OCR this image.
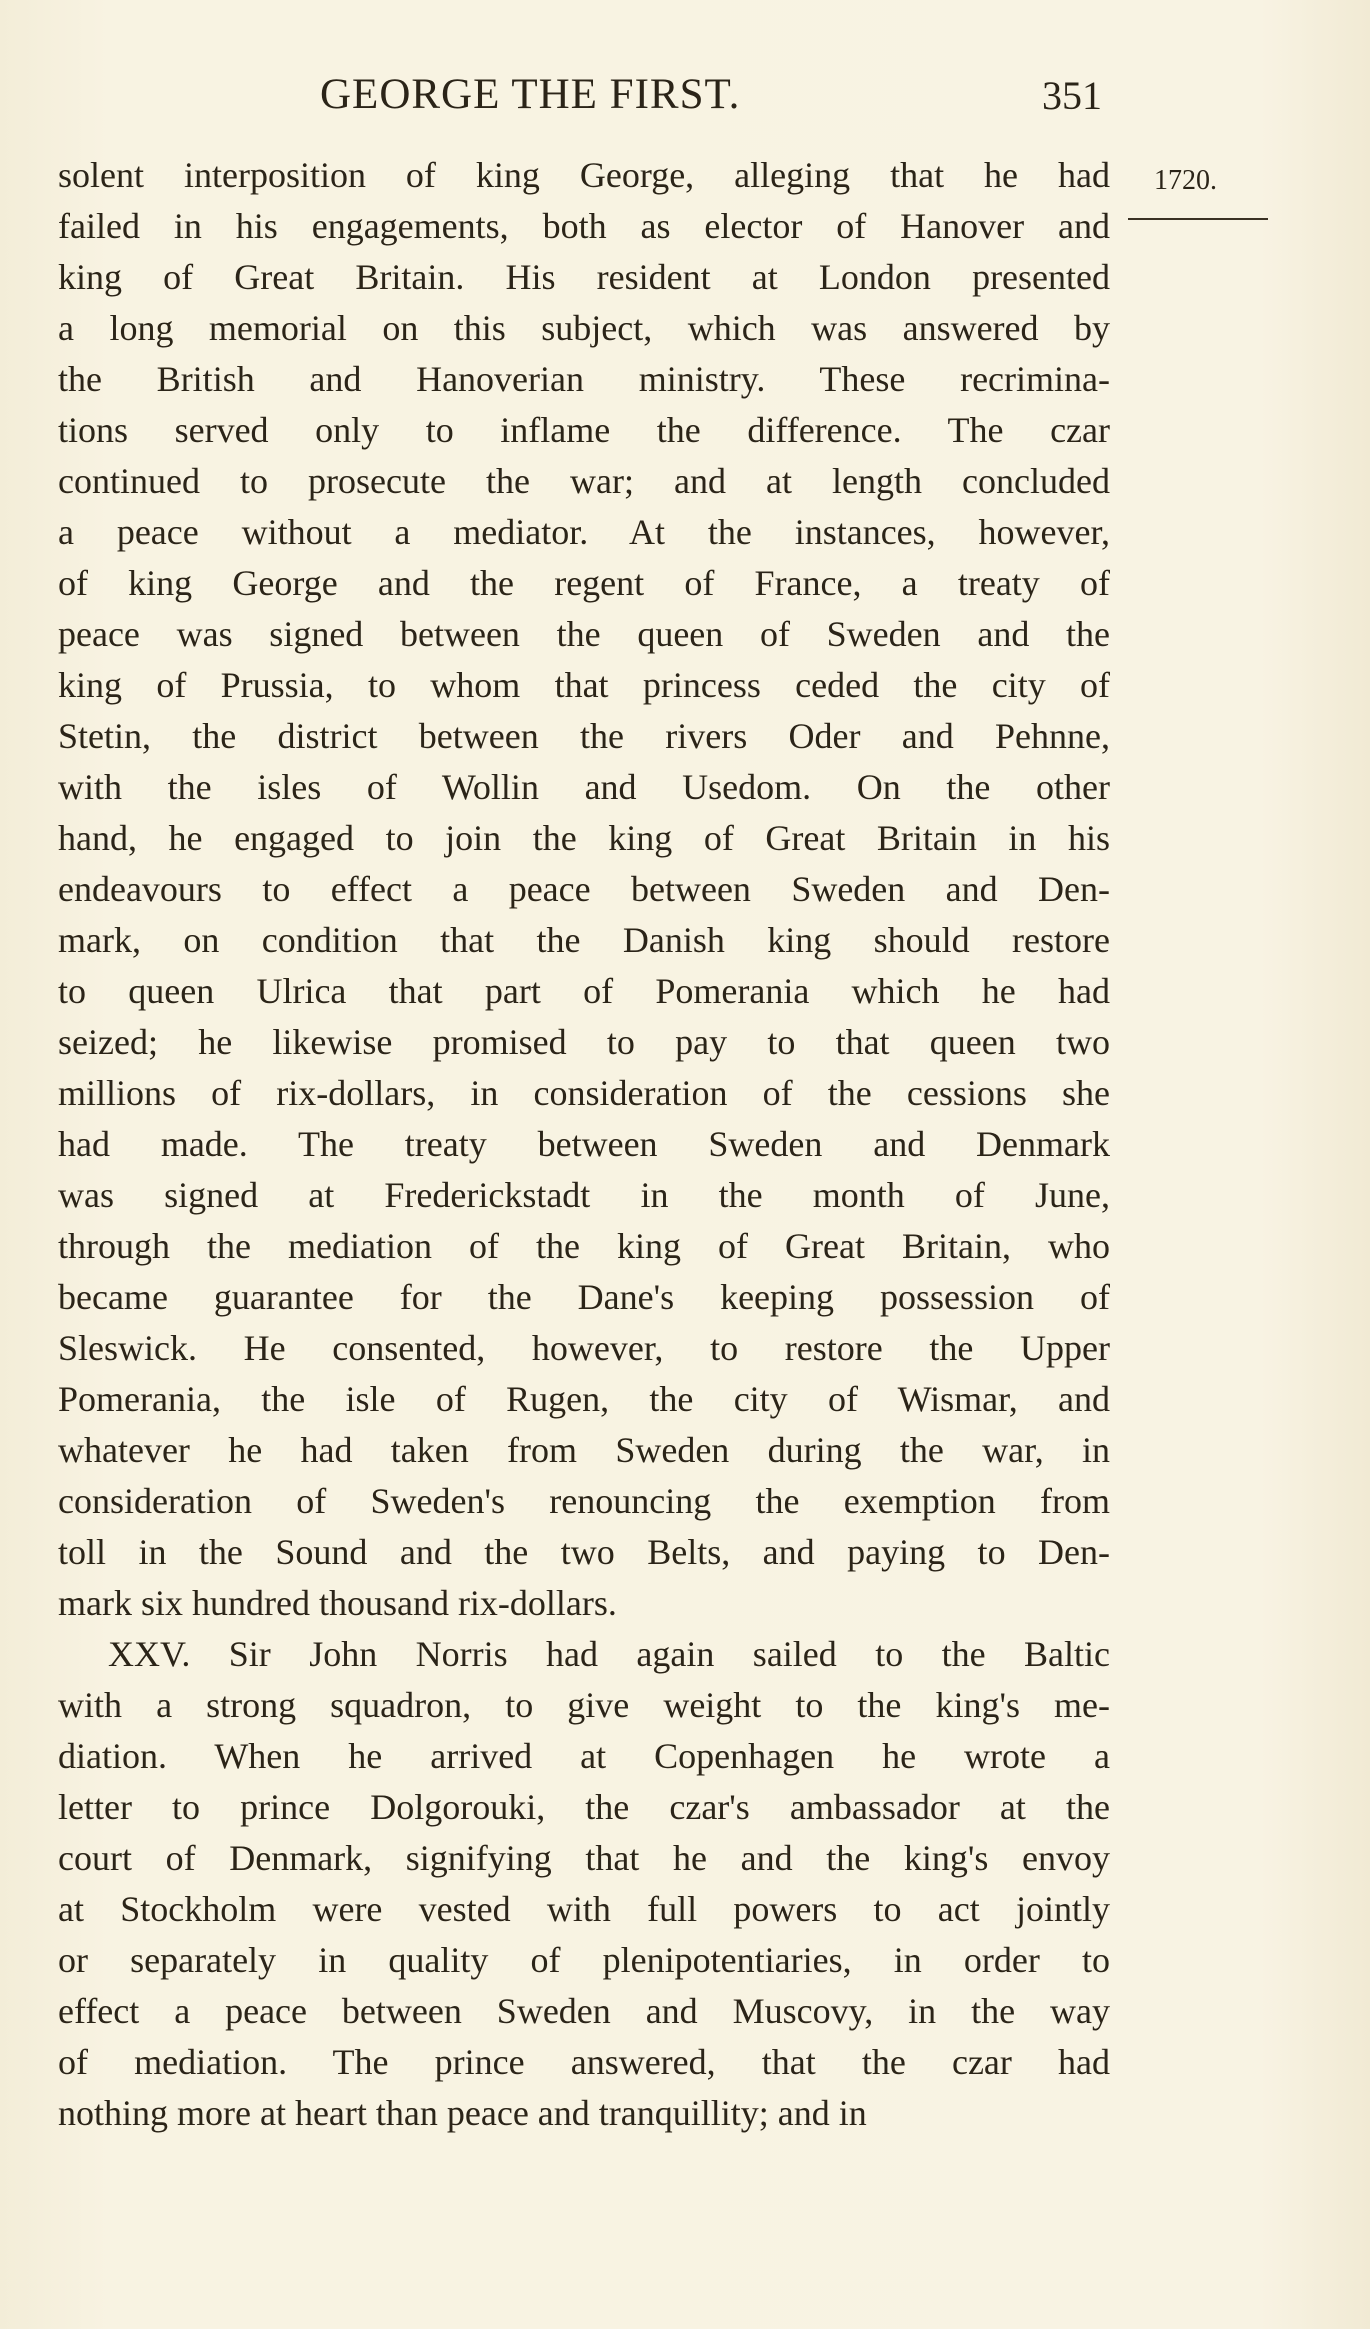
GEORGE THE FIRST.	351
1720.
solent interposition of king George, alleging that he had
failed in his engagements, both as elector of Hanover and
king of Great Britain. His resident at London presented
a long memorial on this subject, which was answered by
the British and Hanoverian ministry. These recrimina-
tions served only to inflame the difference. The czar
continued to prosecute the war; and at length concluded
a peace without a mediator. At the instances, however,
of king George and the regent of France, a treaty of
peace was signed between the queen of Sweden and the
king of Prussia, to whom that princess ceded the city of
Stetin, the district between the rivers Oder and Pehnne,
with the isles of Wollin and Usedom. On the other
hand, he engaged to join the king of Great Britain in his
endeavours to effect a peace between Sweden and Den-
mark, on condition that the Danish king should restore
to queen Ulrica that part of Pomerania which he had
seized; he likewise promised to pay to that queen two
millions of rix-dollars, in consideration of the cessions she
had made. The treaty between Sweden and Denmark
was signed at Frederickstadt in the month of June,
through the mediation of the king of Great Britain, who
became guarantee for the Dane's keeping possession of
Sleswick. He consented, however, to restore the Upper
Pomerania, the isle of Rugen, the city of Wismar, and
whatever he had taken from Sweden during the war, in
consideration of Sweden's renouncing the exemption from
toll in the Sound and the two Belts, and paying to Den-
mark six hundred thousand rix-dollars.
XXV. Sir John Norris had again sailed to the Baltic
with a strong squadron, to give weight to the king's me-
diation. When he arrived at Copenhagen he wrote a
letter to prince Dolgorouki, the czar's ambassador at the
court of Denmark, signifying that he and the king's envoy
at Stockholm were vested with full powers to act jointly
or separately in quality of plenipotentiaries, in order to
effect a peace between Sweden and Muscovy, in the way
of mediation. The prince answered, that the czar had
nothing more at heart than peace and tranquillity; and in
